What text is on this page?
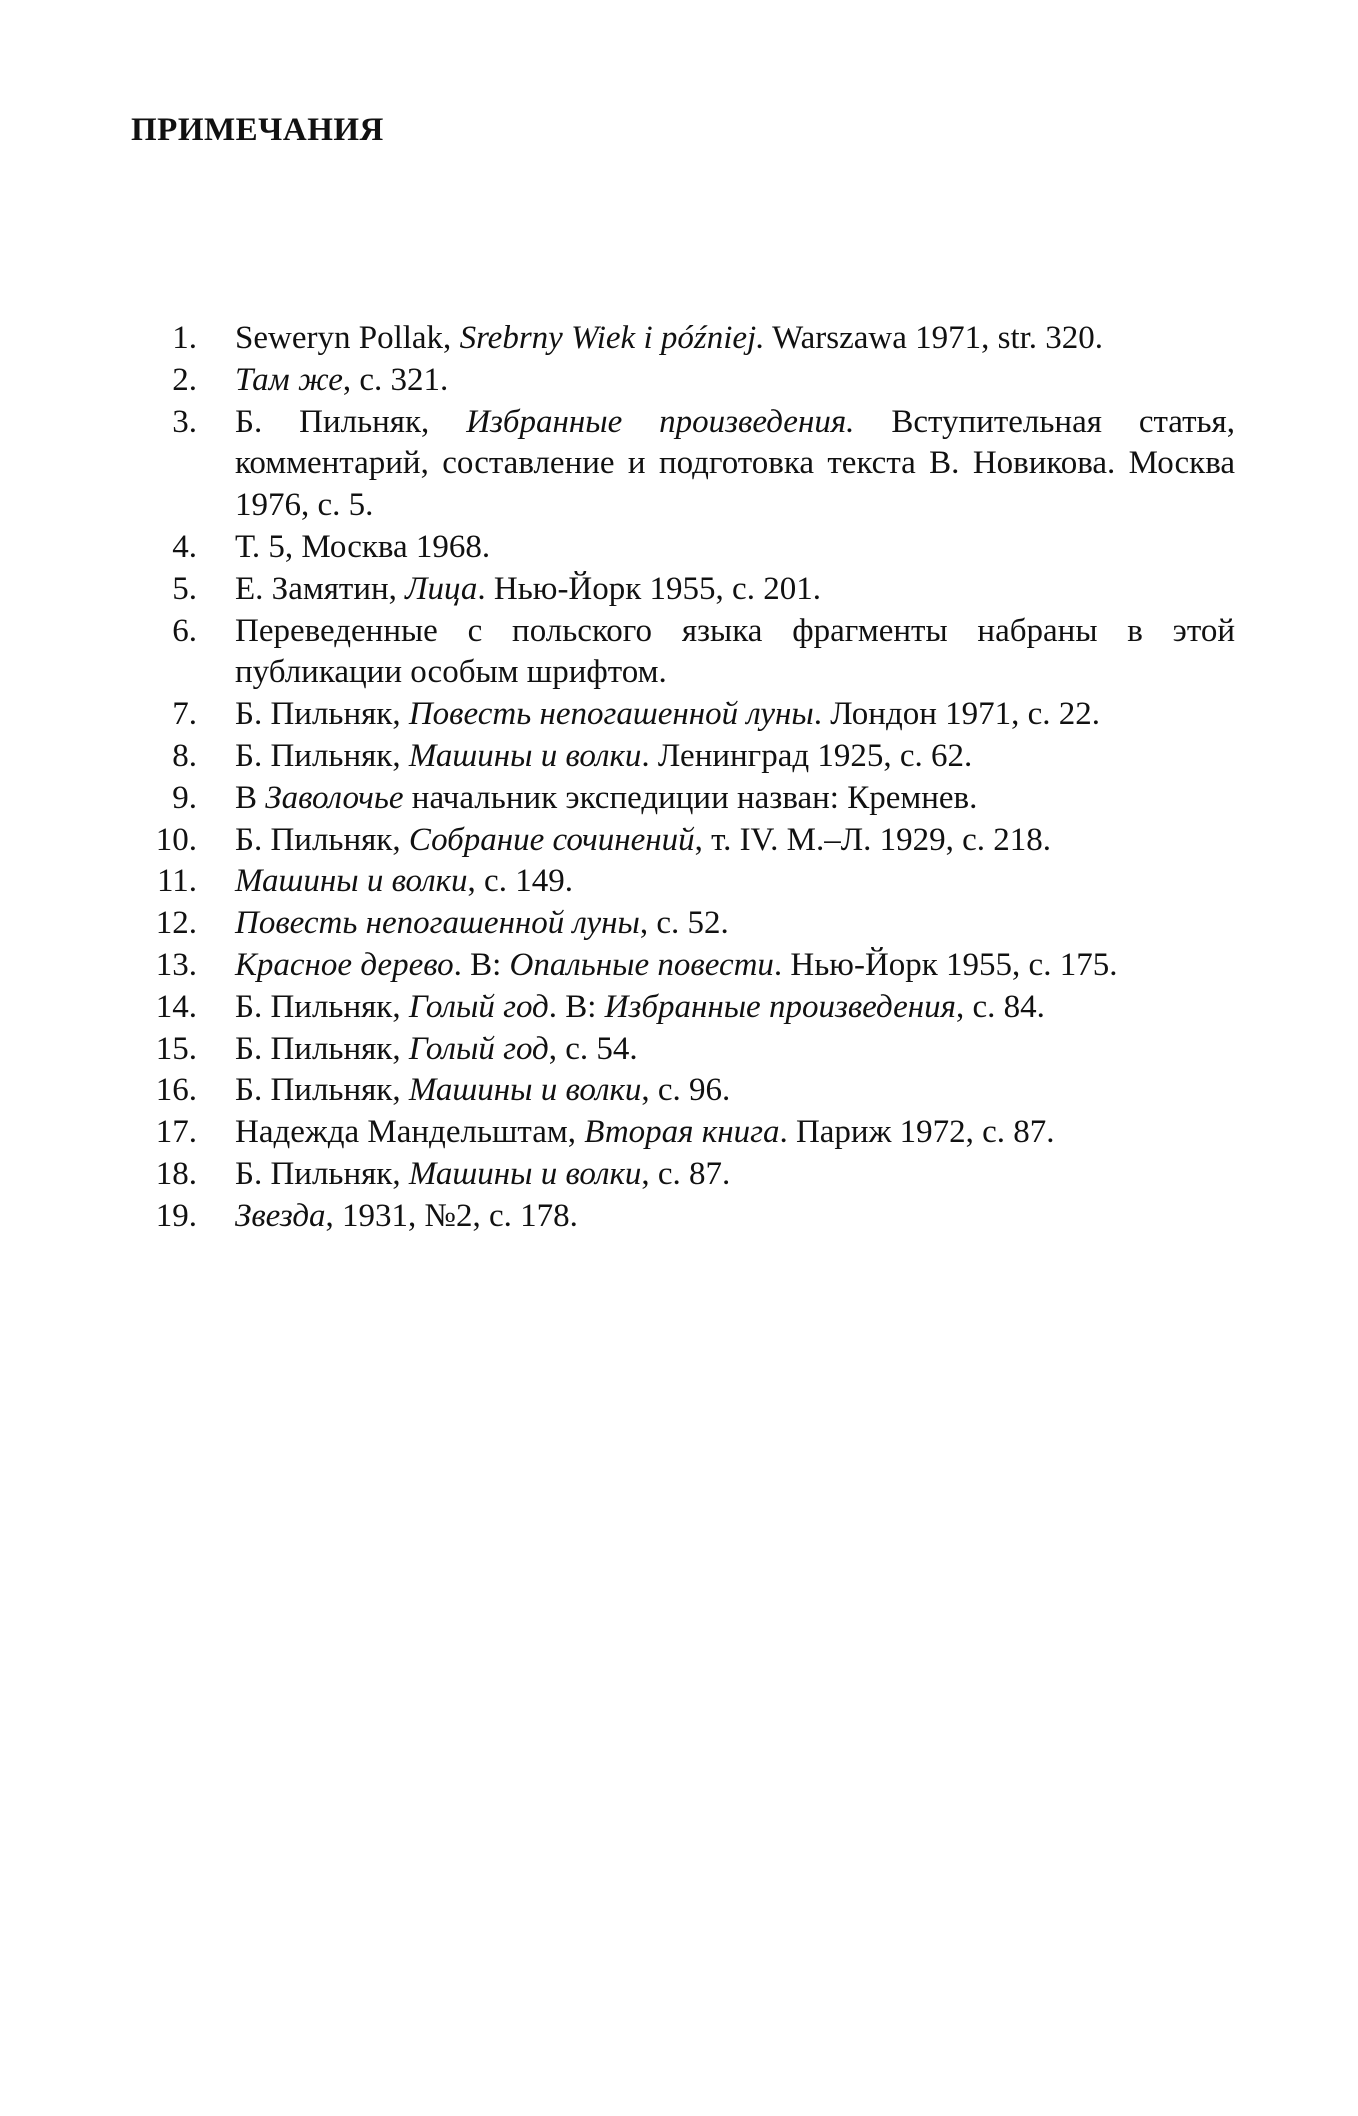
ПРИМЕЧАНИЯ
1.	Seweryn Pollak, Srebrny Wiek i później. Warszawa 1971, str. 320.
2.	Там же, с. 321.
3.	Б. Пильняк, Избранные произведения. Вступительная статья, комментарий, составление и подготовка текста В. Новикова. Москва 1976, с. 5.
4.	Т. 5, Москва 1968.
5.	Е. Замятин, Лица. Нью-Йорк 1955, с. 201.
6.	Переведенные с польского языка фрагменты набраны в этой публикации особым шрифтом.
7.	Б. Пильняк, Повесть непогашенной луны. Лондон 1971, с. 22.
8.	Б. Пильняк, Машины и волки. Ленинград 1925, с. 62.
9.	В Заволочье начальник экспедиции назван: Кремнев.
10.	Б. Пильняк, Собрание сочинений, т. IV. М.–Л. 1929, с. 218.
11.	Машины и волки, с. 149.
12.	Повесть непогашенной луны, с. 52.
13.	Красное дерево. В: Опальные повести. Нью-Йорк 1955, с. 175.
14.	Б. Пильняк, Голый год. В: Избранные произведения, с. 84.
15.	Б. Пильняк, Голый год, с. 54.
16.	Б. Пильняк, Машины и волки, с. 96.
17.	Надежда Мандельштам, Вторая книга. Париж 1972, с. 87.
18.	Б. Пильняк, Машины и волки, с. 87.
19.	Звезда, 1931, №2, с. 178.
